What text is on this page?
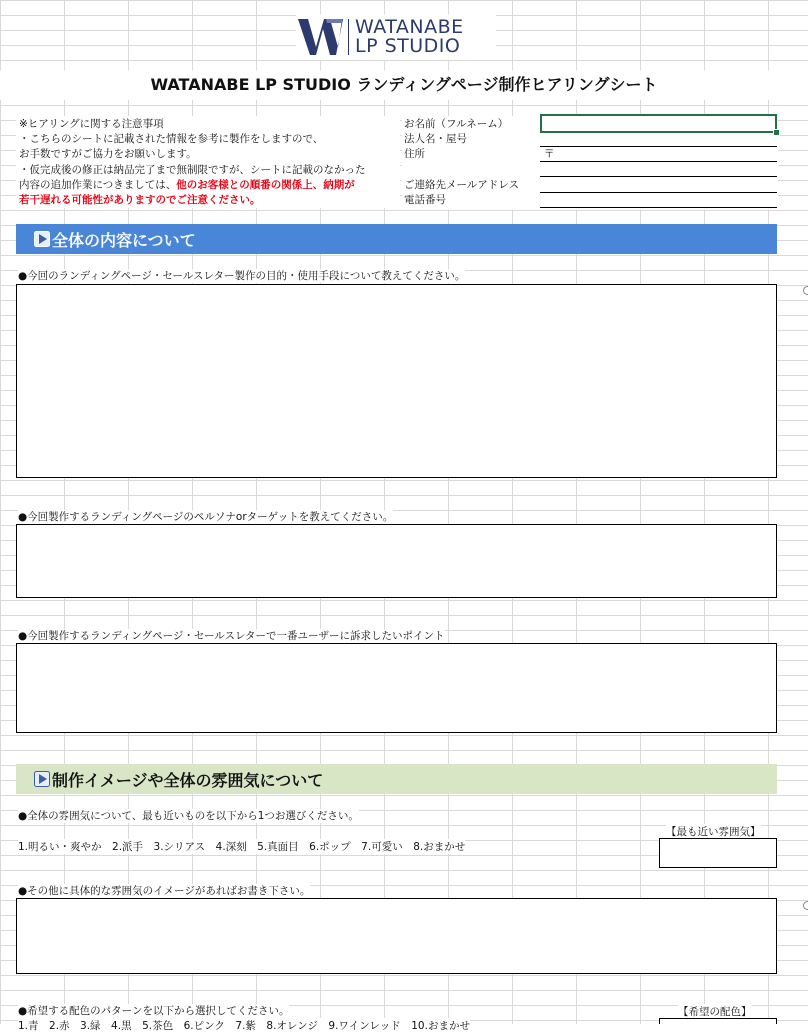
WATANABE
LP STUDIO
WATANABE LP STUDIO ランディングページ制作ヒアリングシート
※ヒアリングに関する注意事項
・こちらのシートに記載された情報を参考に製作をしますので、
お手数ですがご協力をお願いします。
・仮完成後の修正は納品完了まで無制限ですが、シートに記載のなかった
内容の追加作業につきましては、他のお客様との順番の関係上、納期が
若干遅れる可能性がありますのでご注意ください。
お名前（フルネーム）
法人名・屋号
住所	〒
ご連絡先メールアドレス
電話番号
全体の内容について
●今回のランディングページ・セールスレター製作の目的・使用手段について教えてください。
●今回製作するランディングページのペルソナorターゲットを教えてください。
●今回製作するランディングページ・セールスレターで一番ユーザーに訴求したいポイント
制作イメージや全体の雰囲気について
●全体の雰囲気について、最も近いものを以下から1つお選びください。
【最も近い雰囲気】
1.明るい・爽やか　2.派手　3.シリアス　4.深刻　5.真面目　6.ポップ　7.可愛い　8.おまかせ
●その他に具体的な雰囲気のイメージがあればお書き下さい。
●希望する配色のパターンを以下から選択してください。	【希望の配色】
1.青　2.赤　3.緑　4.黒　5.茶色　6.ピンク　7.紫　8.オレンジ　9.ワインレッド　10.おまかせ
